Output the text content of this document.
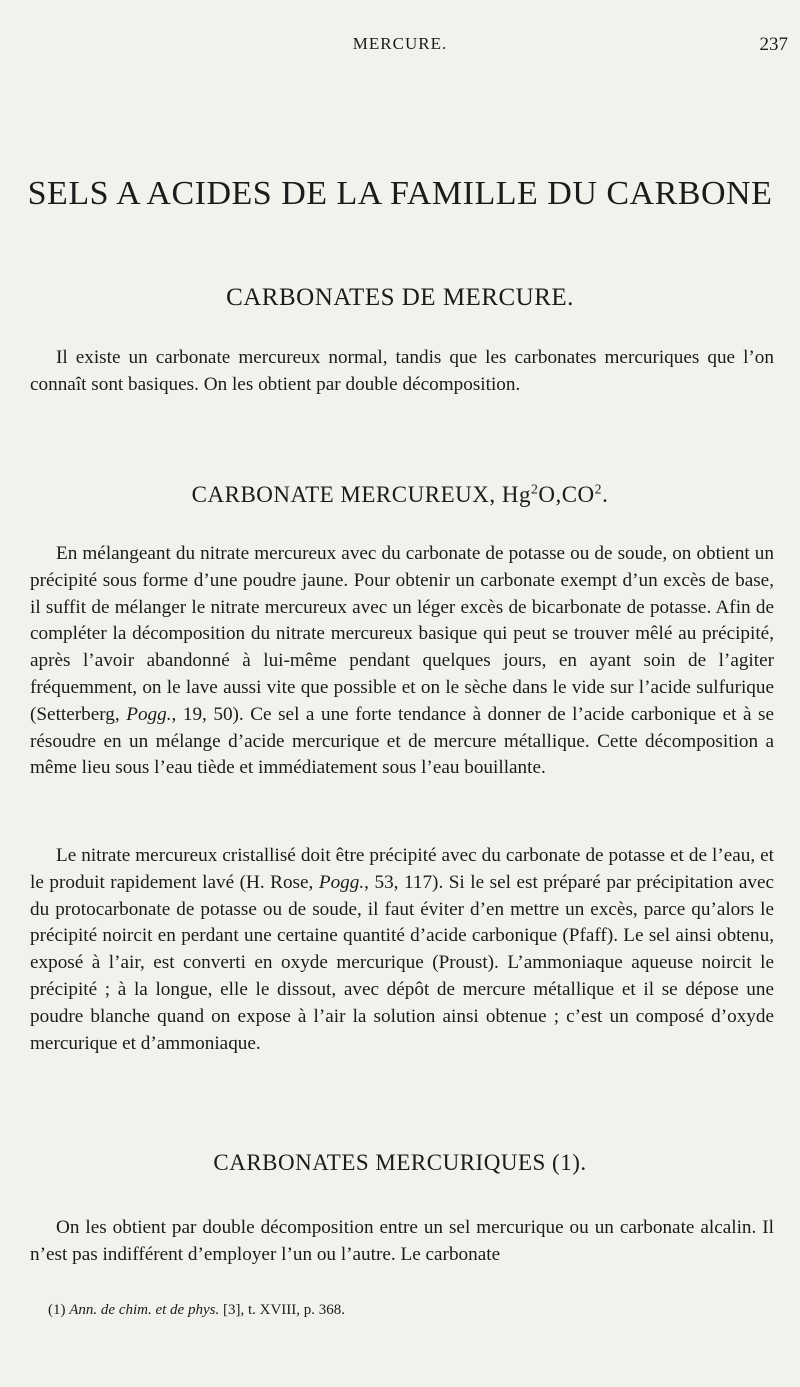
MERCURE.	237
SELS A ACIDES DE LA FAMILLE DU CARBONE
CARBONATES DE MERCURE.

Il existe un carbonate mercureux normal, tandis que les carbonates mercuriques que l’on connaît sont basiques. On les obtient par double décomposition.

CARBONATE MERCUREUX, $Hg^2O,CO^2$.

En mélangeant du nitrate mercureux avec du carbonate de potasse ou de soude, on obtient un précipité sous forme d’une poudre jaune. Pour obtenir un carbonate exempt d’un excès de base, il suffit de mélanger le nitrate mercureux avec un léger excès de bicarbonate de potasse. Afin de compléter la décomposition du nitrate mercureux basique qui peut se trouver mêlé au précipité, après l’avoir abandonné à lui-même pendant quelques jours, en ayant soin de l’agiter fréquemment, on le lave aussi vite que possible et on le sèche dans le vide sur l’acide sulfurique (Setterberg, Pogg., 19, 50). Ce sel a une forte tendance à donner de l’acide carbonique et à se résoudre en un mélange d’acide mercurique et de mercure métallique. Cette décomposition a même lieu sous l’eau tiède et immédiatement sous l’eau bouillante.

Le nitrate mercureux cristallisé doit être précipité avec du carbonate de potasse et de l’eau, et le produit rapidement lavé (H. Rose, Pogg., 53, 117). Si le sel est préparé par précipitation avec du protocarbonate de potasse ou de soude, il faut éviter d’en mettre un excès, parce qu’alors le précipité noircit en perdant une certaine quantité d’acide carbonique (Pfaff). Le sel ainsi obtenu, exposé à l’air, est converti en oxyde mercurique (Proust). L’ammoniaque aqueuse noircit le précipité ; à la longue, elle le dissout, avec dépôt de mercure métallique et il se dépose une poudre blanche quand on expose à l’air la solution ainsi obtenue ; c’est un composé d’oxyde mercurique et d’ammoniaque.

CARBONATES MERCURIQUES (1).

On les obtient par double décomposition entre un sel mercurique ou un carbonate alcalin. Il n’est pas indifférent d’employer l’un ou l’autre. Le carbonate

(1) Ann. de chim. et de phys. [3], t. XVIII, p. 368.
